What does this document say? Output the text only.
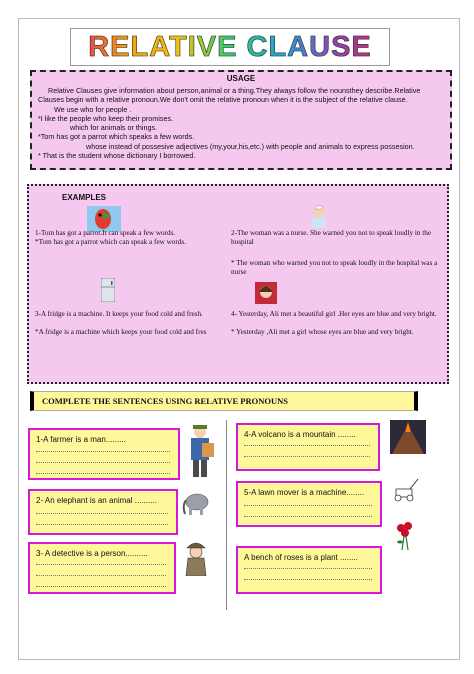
RELATIVE CLAUSE
USAGE

Relative Clauses give information about person,animal or a thing.They always follow the nounsthey describe.Relative Clauses begin with a relative pronoun.We don't omit the relative pronoun when it is the subject of the relative clause.

We use who for people .

*I like the people who keep their promises.

which for animals or things.

*Tom has got a parrot which speaks a few words.

whose instead of possesive adjectives (my,your,his,etc.) with people and animals to express possesion.

* That is the student whose dictionary I borrowed.

EXAMPLES
1-Tom has got a parrot.It can speak a few words.
*Tom has got a parrot which can speak a few words.
2-The woman was a nurse. She warned you not to speak loudly in the hospital
* The woman who warned you not to speak loudly in the hospital was a nurse
3-A fridge is a machine. It keeps your food cold and fresh.
*A fridge is a machine which keeps your food cold and fres
4- Yesterday, Ali met a beautiful girl .Her eyes are blue and very bright.
* Yesterday ,Ali met a girl whose eyes are blue and very bright.
COMPLETE THE SENTENCES USING RELATIVE PRONOUNS
1-A farmer is a man.........
2- An elephant is an animal ..........
3- A detective is a person..........
4-A volcano is a mountain ........
5-A lawn mover is a machine........
A bench of roses is a plant ........
